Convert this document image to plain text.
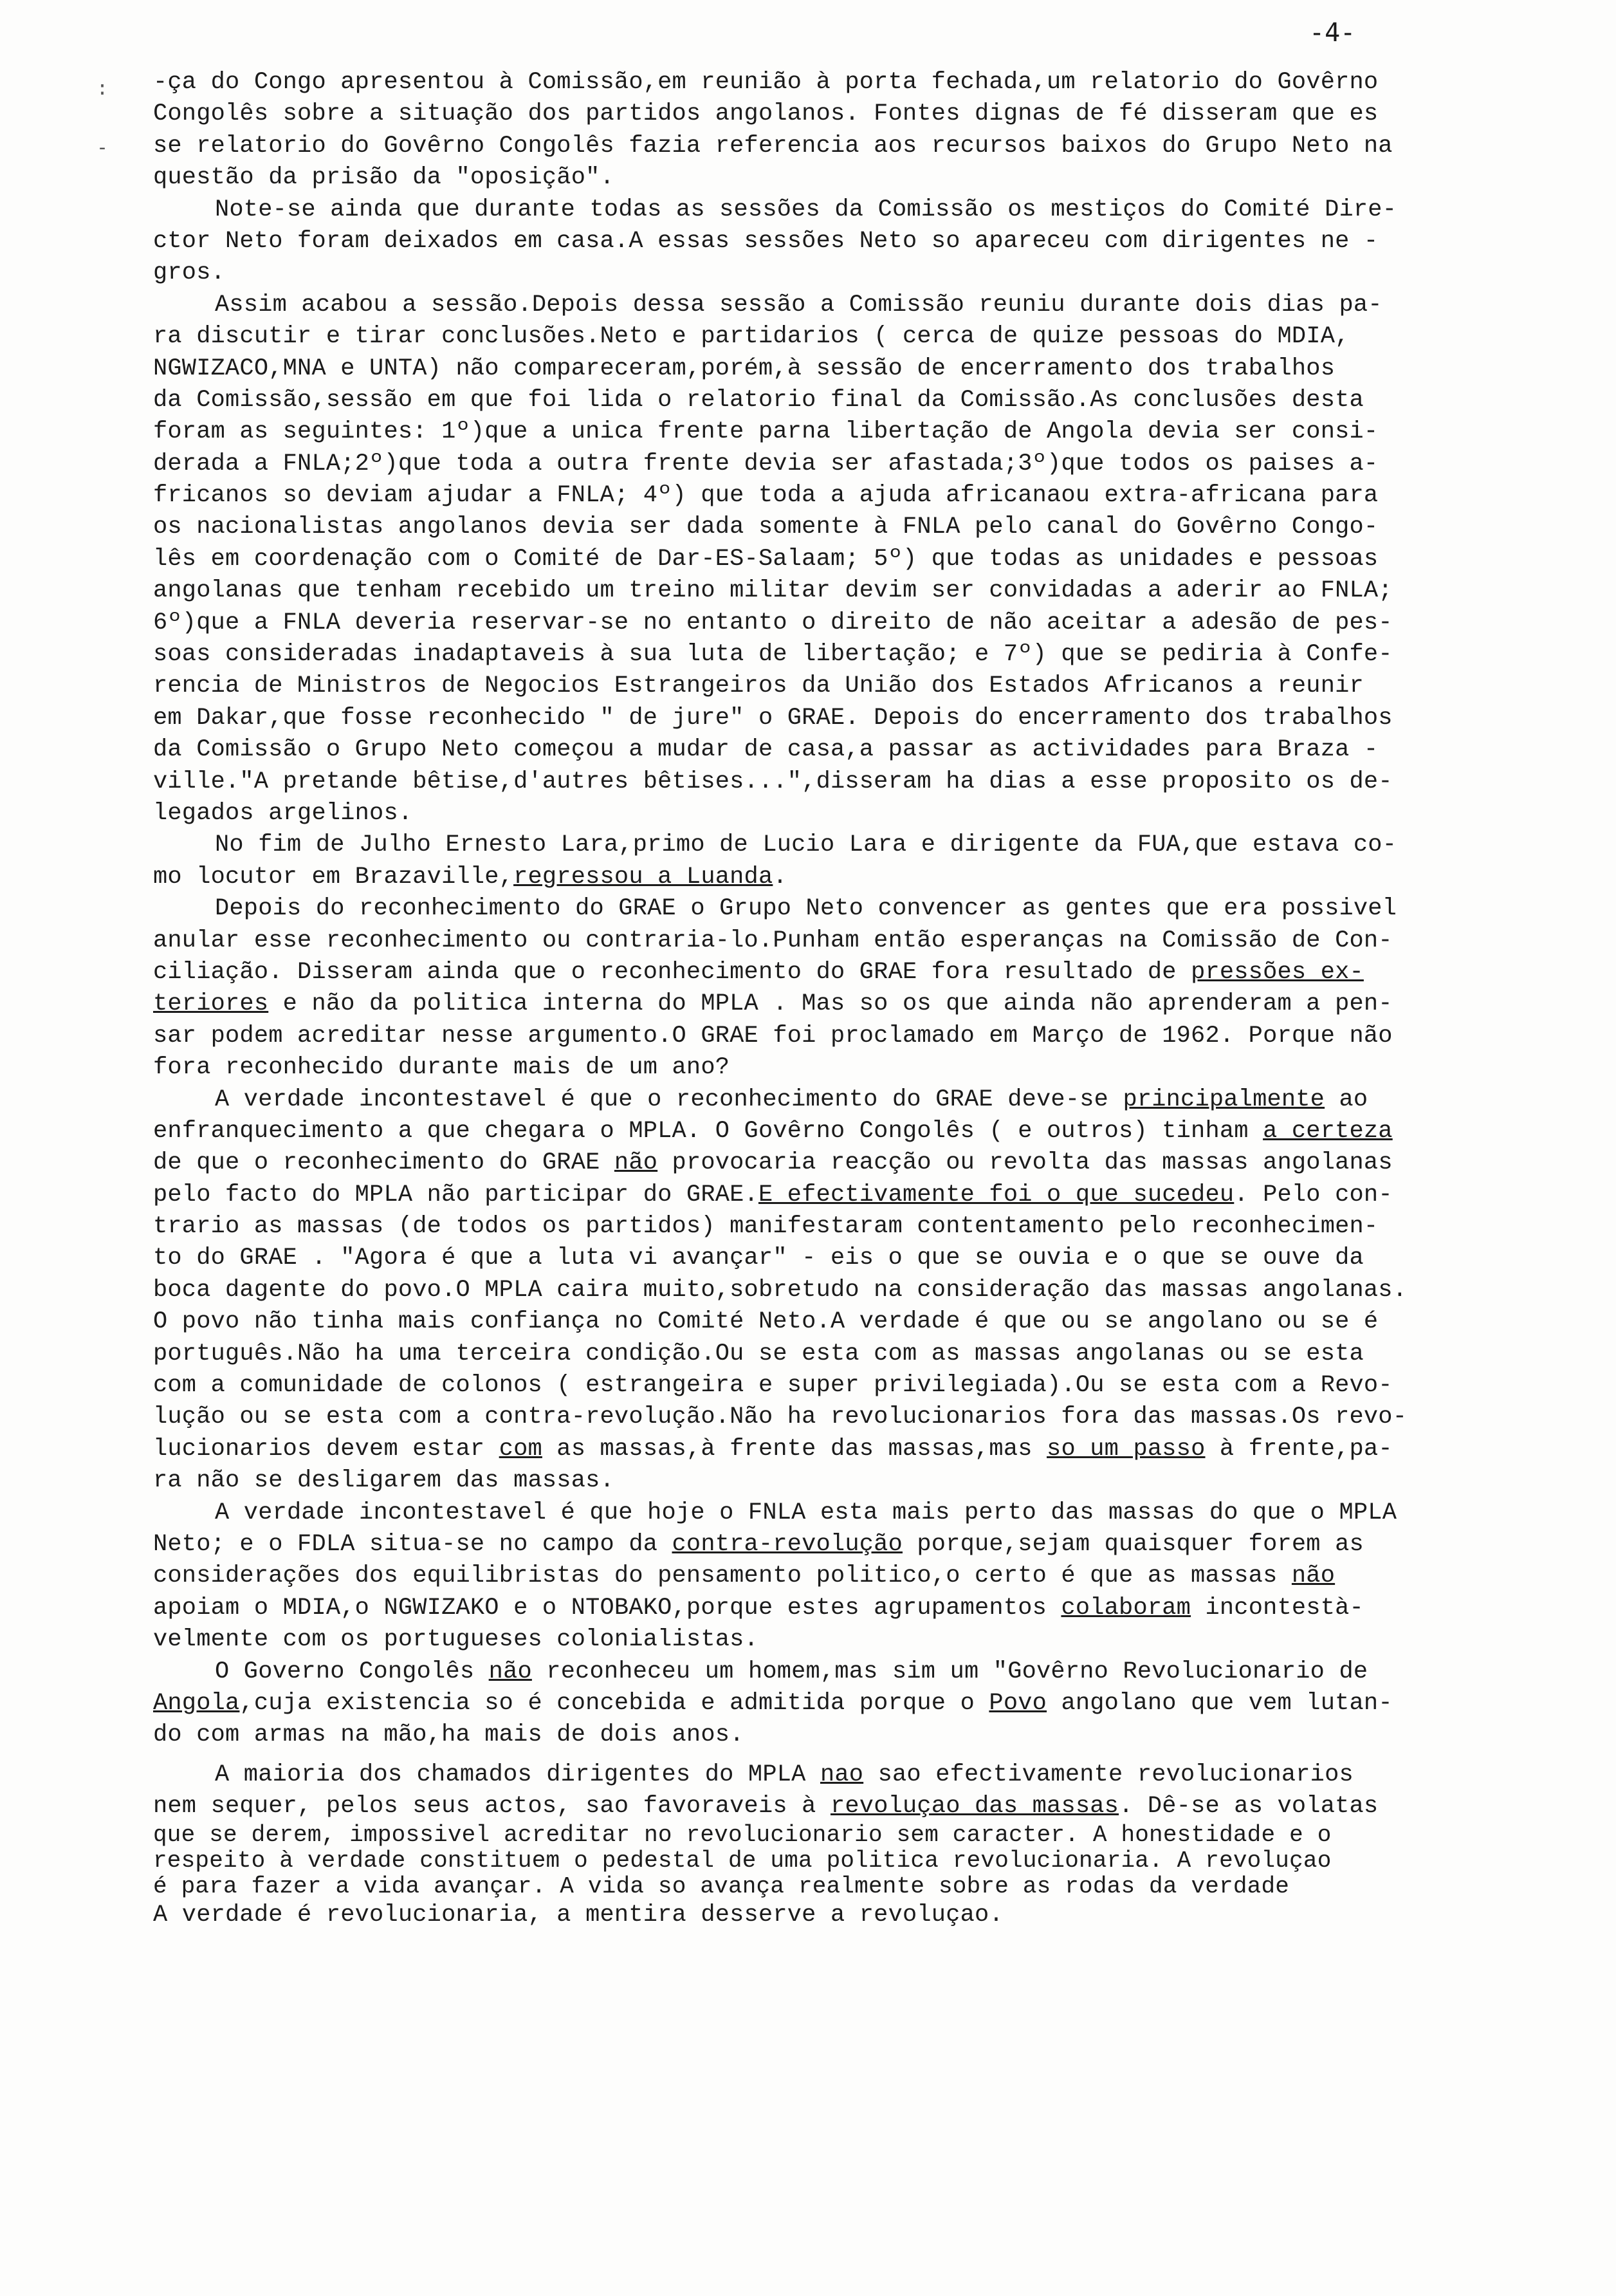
-4-
:
-
-ça do Congo apresentou à Comissão,em reunião à porta fechada,um relatorio do Govêrno
Congolês sobre a situação dos partidos angolanos. Fontes dignas de fé disseram que es
se relatorio do Govêrno Congolês fazia referencia aos recursos baixos do Grupo Neto na
questão da prisão da "oposição".
Note-se ainda que durante todas as sessões da Comissão os mestiços do Comité Dire-
ctor Neto foram deixados em casa.A essas sessões Neto so apareceu com dirigentes ne -
gros.
Assim acabou a sessão.Depois dessa sessão a Comissão reuniu durante dois dias pa-
ra discutir e tirar conclusões.Neto e partidarios ( cerca de quize pessoas do MDIA,
NGWIZACO,MNA e UNTA) não compareceram,porém,à sessão de encerramento dos trabalhos
da Comissão,sessão em que foi lida o relatorio final da Comissão.As conclusões desta
foram as seguintes: 1º)que a unica frente parna libertação de Angola devia ser consi-
derada a FNLA;2º)que toda a outra frente devia ser afastada;3º)que todos os paises a-
fricanos so deviam ajudar a FNLA; 4º) que toda a ajuda africanaou extra-africana para
os nacionalistas angolanos devia ser dada somente à FNLA pelo canal do Govêrno Congo-
lês em coordenação com o Comité de Dar-ES-Salaam; 5º) que todas as unidades e pessoas
angolanas que tenham recebido um treino militar devim ser convidadas a aderir ao FNLA;
6º)que a FNLA deveria reservar-se no entanto o direito de não aceitar a adesão de pes-
soas consideradas inadaptaveis à sua luta de libertação; e 7º) que se pediria à Confe-
rencia de Ministros de Negocios Estrangeiros da União dos Estados Africanos a reunir
em Dakar,que fosse reconhecido " de jure" o GRAE. Depois do encerramento dos trabalhos
da Comissão o Grupo Neto começou a mudar de casa,a passar as actividades para Braza -
ville."A pretande bêtise,d'autres bêtises...",disseram ha dias a esse proposito os de-
legados argelinos.
No fim de Julho Ernesto Lara,primo de Lucio Lara e dirigente da FUA,que estava co-
mo locutor em Brazaville,regressou a Luanda.
Depois do reconhecimento do GRAE o Grupo Neto convencer as gentes que era possivel
anular esse reconhecimento ou contraria-lo.Punham então esperanças na Comissão de Con-
ciliação. Disseram ainda que o reconhecimento do GRAE fora resultado de pressões ex-
teriores e não da politica interna do MPLA . Mas so os que ainda não aprenderam a pen-
sar podem acreditar nesse argumento.O GRAE foi proclamado em Março de 1962. Porque não
fora reconhecido durante mais de um ano?
A verdade incontestavel é que o reconhecimento do GRAE deve-se principalmente ao
enfranquecimento a que chegara o MPLA. O Govêrno Congolês ( e outros) tinham a certeza
de que o reconhecimento do GRAE não provocaria reacção ou revolta das massas angolanas
pelo facto do MPLA não participar do GRAE.E efectivamente foi o que sucedeu. Pelo con-
trario as massas (de todos os partidos) manifestaram contentamento pelo reconhecimen-
to do GRAE . "Agora é que a luta vi avançar" - eis o que se ouvia e o que se ouve da
boca dagente do povo.O MPLA caira muito,sobretudo na consideração das massas angolanas.
O povo não tinha mais confiança no Comité Neto.A verdade é que ou se angolano ou se é
português.Não ha uma terceira condição.Ou se esta com as massas angolanas ou se esta
com a comunidade de colonos ( estrangeira e super privilegiada).Ou se esta com a Revo-
lução ou se esta com a contra-revolução.Não ha revolucionarios fora das massas.Os revo-
lucionarios devem estar com as massas,à frente das massas,mas so um passo à frente,pa-
ra não se desligarem das massas.
A verdade incontestavel é que hoje o FNLA esta mais perto das massas do que o MPLA
Neto; e o FDLA situa-se no campo da contra-revolução porque,sejam quaisquer forem as
considerações dos equilibristas do pensamento politico,o certo é que as massas não
apoiam o MDIA,o NGWIZAKO e o NTOBAKO,porque estes agrupamentos colaboram incontestà-
velmente com os portugueses colonialistas.
O Governo Congolês não reconheceu um homem,mas sim um "Govêrno Revolucionario de
Angola,cuja existencia so é concebida e admitida porque o Povo angolano que vem lutan-
do com armas na mão,ha mais de dois anos.
A maioria dos chamados dirigentes do MPLA nao sao efectivamente revolucionarios
nem sequer, pelos seus actos, sao favoraveis à revoluçao das massas. Dê-se as volatas
que se derem, impossivel acreditar no revolucionario sem caracter. A honestidade e o
respeito à verdade constituem o pedestal de uma politica revolucionaria. A revoluçao
é para fazer a vida avançar. A vida so avança realmente sobre as rodas da verdade
A verdade é revolucionaria, a mentira desserve a revoluçao.
